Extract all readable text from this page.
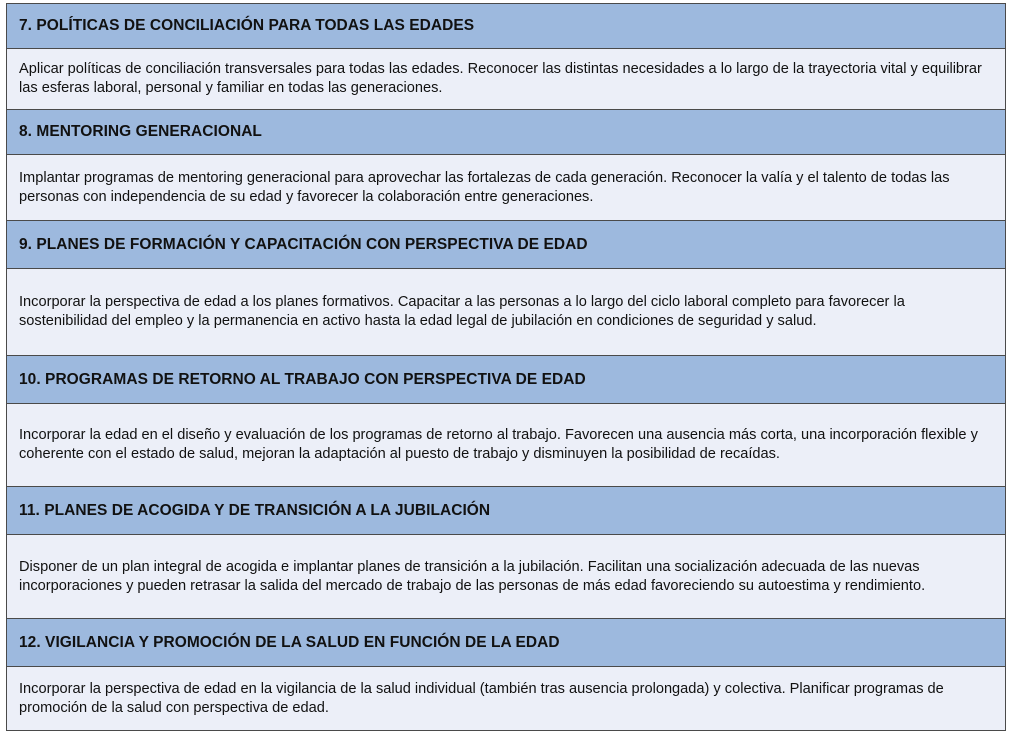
7. POLÍTICAS DE CONCILIACIÓN PARA TODAS LAS EDADES
Aplicar políticas de conciliación transversales para todas las edades. Reconocer las distintas necesidades a lo largo de la trayectoria vital y equilibrar las esferas laboral, personal y familiar en todas las generaciones.
8. MENTORING GENERACIONAL
Implantar programas de mentoring generacional para aprovechar las fortalezas de cada generación. Reconocer la valía y el talento de todas las personas con independencia de su edad y favorecer la colaboración entre generaciones.
9. PLANES DE FORMACIÓN Y CAPACITACIÓN CON PERSPECTIVA DE EDAD
Incorporar la perspectiva de edad a los planes formativos. Capacitar a las personas a lo largo del ciclo laboral completo para favorecer la sostenibilidad del empleo y la permanencia en activo hasta la edad legal de jubilación en condiciones de seguridad y salud.
10. PROGRAMAS DE RETORNO AL TRABAJO CON PERSPECTIVA DE EDAD
Incorporar la edad en el diseño y evaluación de los programas de retorno al trabajo. Favorecen una ausencia más corta, una incorporación flexible y coherente con el estado de salud, mejoran la adaptación al puesto de trabajo y disminuyen la posibilidad de recaídas.
11. PLANES DE ACOGIDA Y DE TRANSICIÓN A LA JUBILACIÓN
Disponer de un plan integral de acogida e implantar planes de transición a la jubilación. Facilitan una socialización adecuada de las nuevas incorporaciones y pueden retrasar la salida del mercado de trabajo de las personas de más edad favoreciendo su autoestima y rendimiento.
12. VIGILANCIA Y PROMOCIÓN DE LA SALUD EN FUNCIÓN DE LA EDAD
Incorporar la perspectiva de edad en la vigilancia de la salud individual (también tras ausencia prolongada) y colectiva. Planificar programas de promoción de la salud con perspectiva de edad.
